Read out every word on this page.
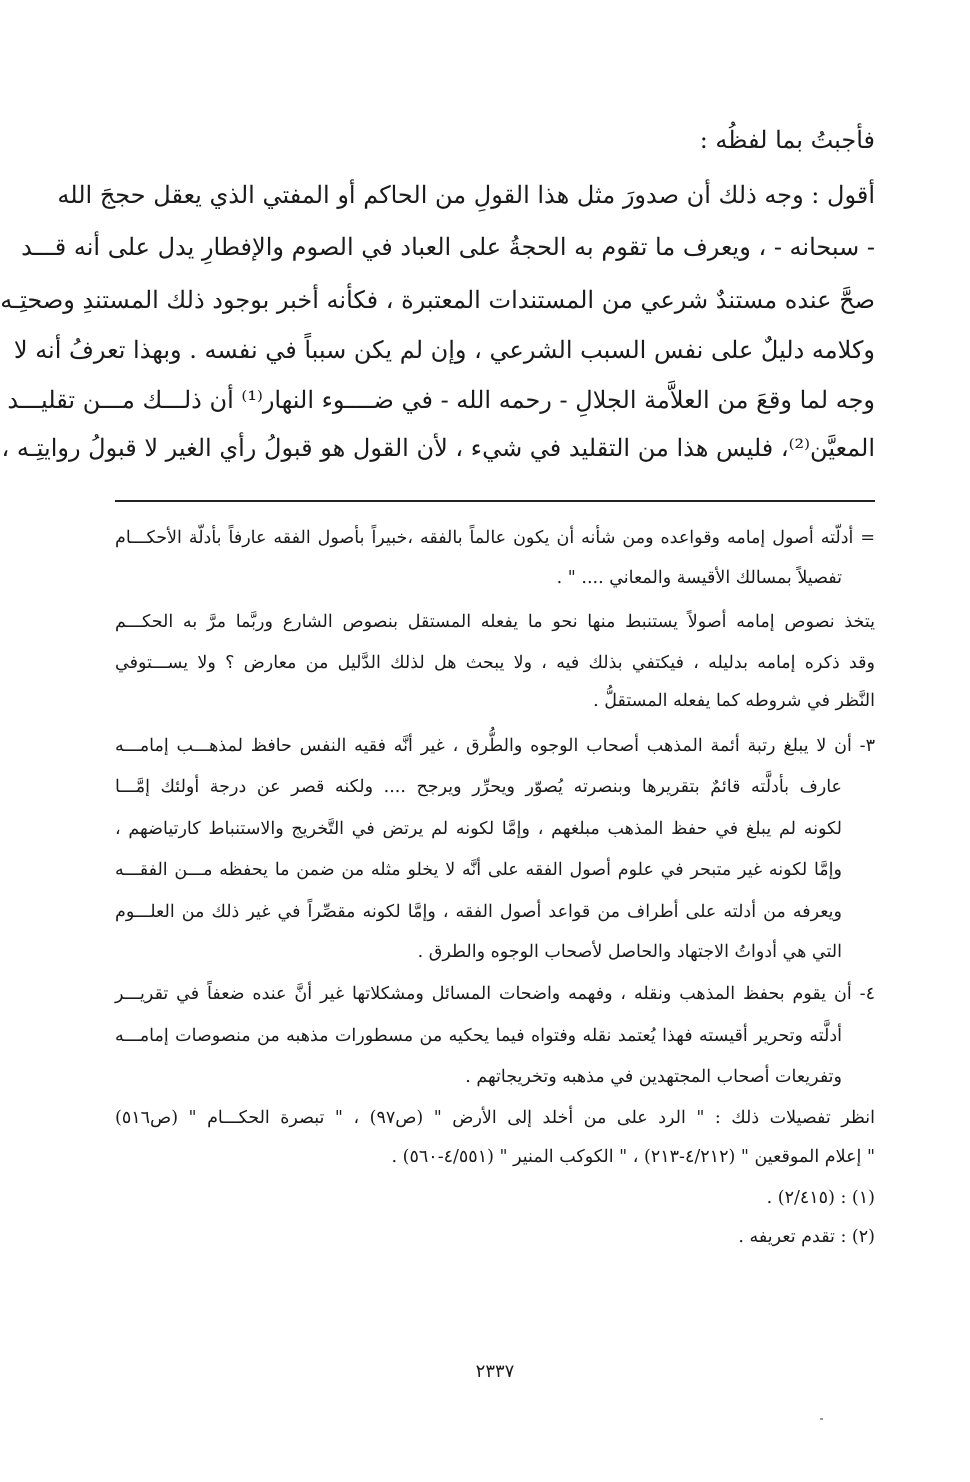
فأجبتُ بما لفظُه :
أقول : وجه ذلك أن صدورَ مثل هذا القولِ من الحاكم أو المفتي الذي يعقل حججَ الله
- سبحانه - ، ويعرف ما تقوم به الحجةُ على العباد في الصوم والإفطارِ يدل على أنه قـــد
صحَّ عنده مستندٌ شرعي من المستندات المعتبرة ، فكأنه أخبر بوجود ذلك المستندِ وصحتِـه
وكلامه دليلٌ على نفس السبب الشرعي ، وإن لم يكن سبباً في نفسه . وبهذا تعرفُ أنه لا
وجه لما وقعَ من العلاَّمة الجلالِ - رحمه الله - في ضــــوء النهار⁽¹⁾ أن ذلـــك مـــن تقليـــد
المعيَّن⁽²⁾، فليس هذا من التقليد في شيء ، لأن القول هو قبولُ رأي الغير لا قبولُ روايتِـه ،
= أدلّته أصول إمامه وقواعده ومن شأنه أن يكون عالماً بالفقه ،خبيراً بأصول الفقه عارفاً بأدلّة الأحكـــام
تفصيلاً بمسالك الأقيسة والمعاني .... " .
يتخذ نصوص إمامه أصولاً يستنبط منها نحو ما يفعله المستقل بنصوص الشارع وربَّما مرَّ به الحكـــم
وقد ذكره إمامه بدليله ، فيكتفي بذلك فيه ، ولا يبحث هل لذلك الدَّليل من معارض ؟ ولا يســـتوفي
النَّظر في شروطه كما يفعله المستقلُّ .
٣- أن لا يبلغ رتبة أئمة المذهب أصحاب الوجوه والطُّرق ، غير أنَّه فقيه النفس حافظ لمذهـــب إمامـــه
عارف بأدلَّته قائمٌ بتقريرها وبنصرته يُصوّر ويحرِّر ويرجح .... ولكنه قصر عن درجة أولئك إمَّـــا
لكونه لم يبلغ في حفظ المذهب مبلغهم ، وإمَّا لكونه لم يرتض في التَّخريج والاستنباط كارتياضهم ،
وإمَّا لكونه غير متبحر في علوم أصول الفقه على أنَّه لا يخلو مثله من ضمن ما يحفظه مـــن الفقـــه
ويعرفه من أدلته على أطراف من قواعد أصول الفقه ، وإمَّا لكونه مقصِّراً في غير ذلك من العلـــوم
التي هي أدواتُ الاجتهاد والحاصل لأصحاب الوجوه والطرق .
٤- أن يقوم بحفظ المذهب ونقله ، وفهمه واضحات المسائل ومشكلاتها غير أنَّ عنده ضعفاً في تقريـــر
أدلَّته وتحرير أقيسته فهذا يُعتمد نقله وفتواه فيما يحكيه من مسطورات مذهبه من منصوصات إمامـــه
وتفريعات أصحاب المجتهدين في مذهبه وتخريجاتهم .
انظر تفصيلات ذلك : " الرد على من أخلد إلى الأرض " (ص٩٧) ، " تبصرة الحكـــام " (ص٥١٦)
" إعلام الموقعين " (٤/٢١٢-٢١٣) ، " الكوكب المنير " (٤/٥٥١-٥٦٠) .
(١) : (٢/٤١٥) .
(٢) : تقدم تعريفه .
٢٣٣٧
